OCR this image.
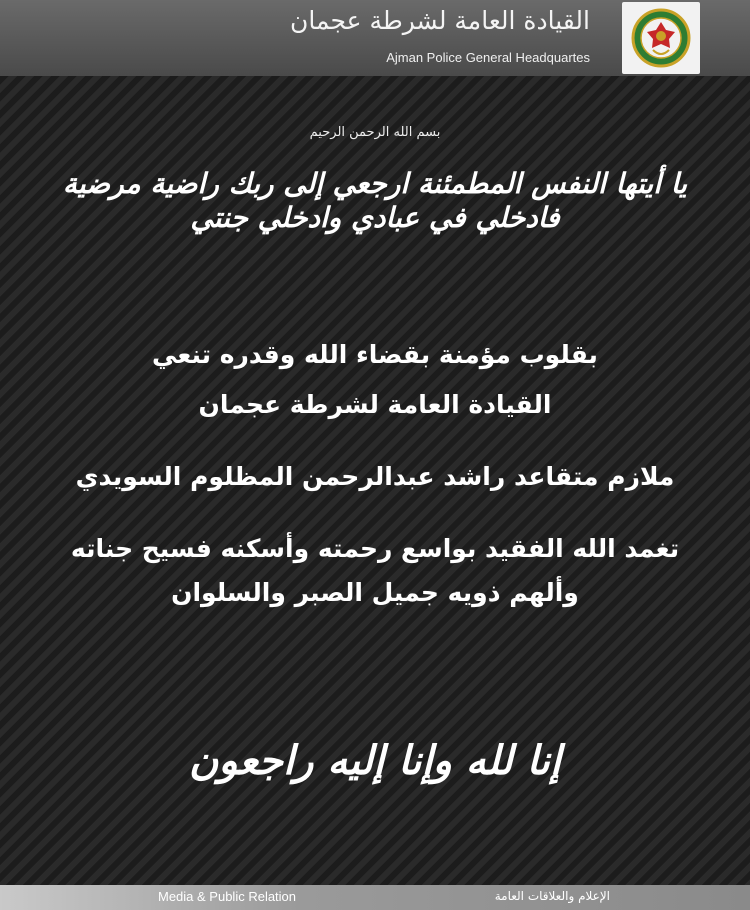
القيادة العامة لشرطة عجمان
Ajman Police General Headquartes
بسم الله الرحمن الرحيم
يا أيتها النفس المطمئنة ارجعي إلى ربك راضية مرضية فادخلي في عبادي وادخلي جنتي
بقلوب مؤمنة بقضاء الله وقدره تنعي
القيادة العامة لشرطة عجمان
ملازم متقاعد راشد عبدالرحمن المظلوم السويدي
تغمد الله الفقيد بواسع رحمته وأسكنه فسيح جناته
وألهم ذويه جميل الصبر والسلوان
إنا لله وإنا إليه راجعون
Media & Public Relation	الإعلام والعلاقات العامة
